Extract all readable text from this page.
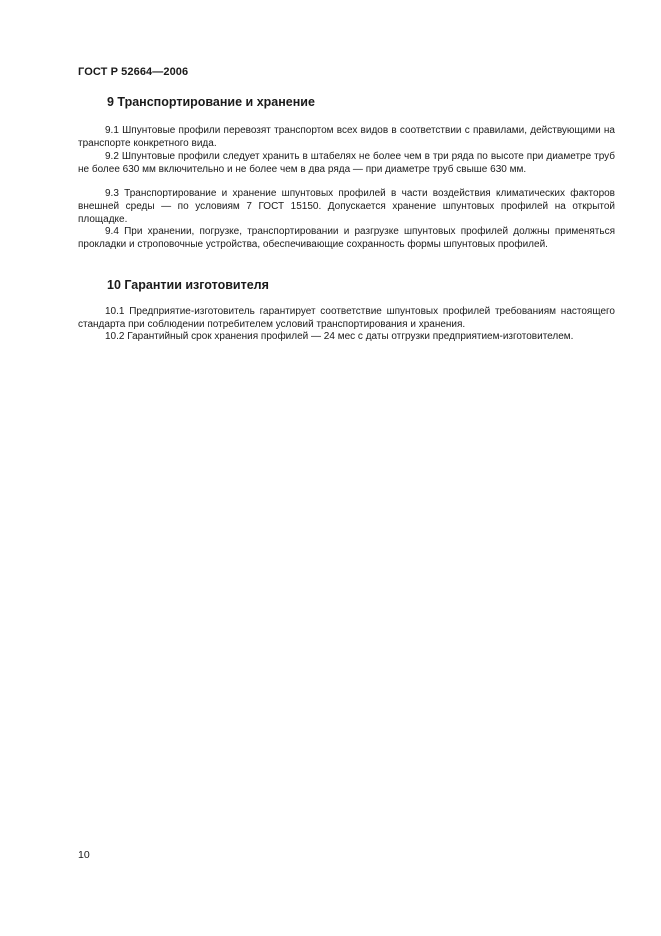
ГОСТ Р 52664—2006
9 Транспортирование и хранение

9.1 Шпунтовые профили перевозят транспортом всех видов в соответствии с правилами, действующими на транспорте конкретного вида.

9.2 Шпунтовые профили следует хранить в штабелях не более чем в три ряда по высоте при диаметре труб не более 630 мм включительно и не более чем в два ряда — при диаметре труб свыше 630 мм.

9.3 Транспортирование и хранение шпунтовых профилей в части воздействия климатических факторов внешней среды — по условиям 7 ГОСТ 15150. Допускается хранение шпунтовых профилей на открытой площадке.

9.4 При хранении, погрузке, транспортировании и разгрузке шпунтовых профилей должны применяться прокладки и строповочные устройства, обеспечивающие сохранность формы шпунтовых профилей.

10 Гарантии изготовителя

10.1 Предприятие-изготовитель гарантирует соответствие шпунтовых профилей требованиям настоящего стандарта при соблюдении потребителем условий транспортирования и хранения.

10.2 Гарантийный срок хранения профилей — 24 мес с даты отгрузки предприятием-изготовителем.

10
